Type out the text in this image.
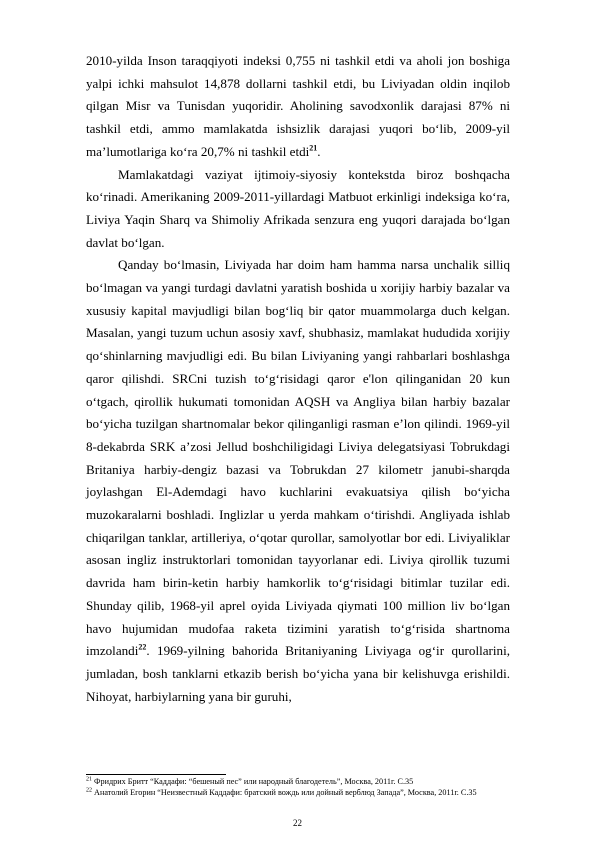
2010-yilda Inson taraqqiyoti indeksi 0,755 ni tashkil etdi va aholi jon boshiga yalpi ichki mahsulot 14,878 dollarni tashkil etdi, bu Liviyadan oldin inqilob qilgan Misr va Tunisdan yuqoridir. Aholining savodxonlik darajasi 87% ni tashkil etdi, ammo mamlakatda ishsizlik darajasi yuqori bo‘lib, 2009-yil ma’lumotlariga ko‘ra 20,7% ni tashkil etdi$^{21}$.

Mamlakatdagi vaziyat ijtimoiy-siyosiy kontekstda biroz boshqacha ko‘rinadi. Amerikaning 2009-2011-yillardagi Matbuot erkinligi indeksiga ko‘ra, Liviya Yaqin Sharq va Shimoliy Afrikada senzura eng yuqori darajada bo‘lgan davlat bo‘lgan.

Qanday bo‘lmasin, Liviyada har doim ham hamma narsa unchalik silliq bo‘lmagan va yangi turdagi davlatni yaratish boshida u xorijiy harbiy bazalar va xususiy kapital mavjudligi bilan bog‘liq bir qator muammolarga duch kelgan. Masalan, yangi tuzum uchun asosiy xavf, shubhasiz, mamlakat hududida xorijiy qo‘shinlarning mavjudligi edi. Bu bilan Liviyaning yangi rahbarlari boshlashga qaror qilishdi. SRCni tuzish to‘g‘risidagi qaror e'lon qilinganidan 20 kun o‘tgach, qirollik hukumati tomonidan AQSH va Angliya bilan harbiy bazalar bo‘yicha tuzilgan shartnomalar bekor qilinganligi rasman e’lon qilindi. 1969-yil 8-dekabrda SRK a’zosi Jellud boshchiligidagi Liviya delegatsiyasi Tobrukdagi Britaniya harbiy-dengiz bazasi va Tobrukdan 27 kilometr janubi-sharqda joylashgan El-Ademdagi havo kuchlarini evakuatsiya qilish bo‘yicha muzokaralarni boshladi. Inglizlar u yerda mahkam o‘tirishdi. Angliyada ishlab chiqarilgan tanklar, artilleriya, o‘qotar qurollar, samolyotlar bor edi. Liviyaliklar asosan ingliz instruktorlari tomonidan tayyorlanar edi. Liviya qirollik tuzumi davrida ham birin-ketin harbiy hamkorlik to‘g‘risidagi bitimlar tuzilar edi. Shunday qilib, 1968-yil aprel oyida Liviyada qiymati 100 million liv bo‘lgan havo hujumidan mudofaa raketa tizimini yaratish to‘g‘risida shartnoma imzolandi$^{22}$. 1969-yilning bahorida Britaniyaning Liviyaga og‘ir qurollarini, jumladan, bosh tanklarni etkazib berish bo‘yicha yana bir kelishuvga erishildi. Nihoyat, harbiylarning yana bir guruhi,

$^{21}$ Фридрих Бритт “Каддафи: “бешеный пес” или народный благодетель”, Москва, 2011г. С.35

$^{22}$ Анатолий Егорин “Неизвестный Каддафи: братский вождь или дойный верблюд Запада”, Москва, 2011г. С.35

22
